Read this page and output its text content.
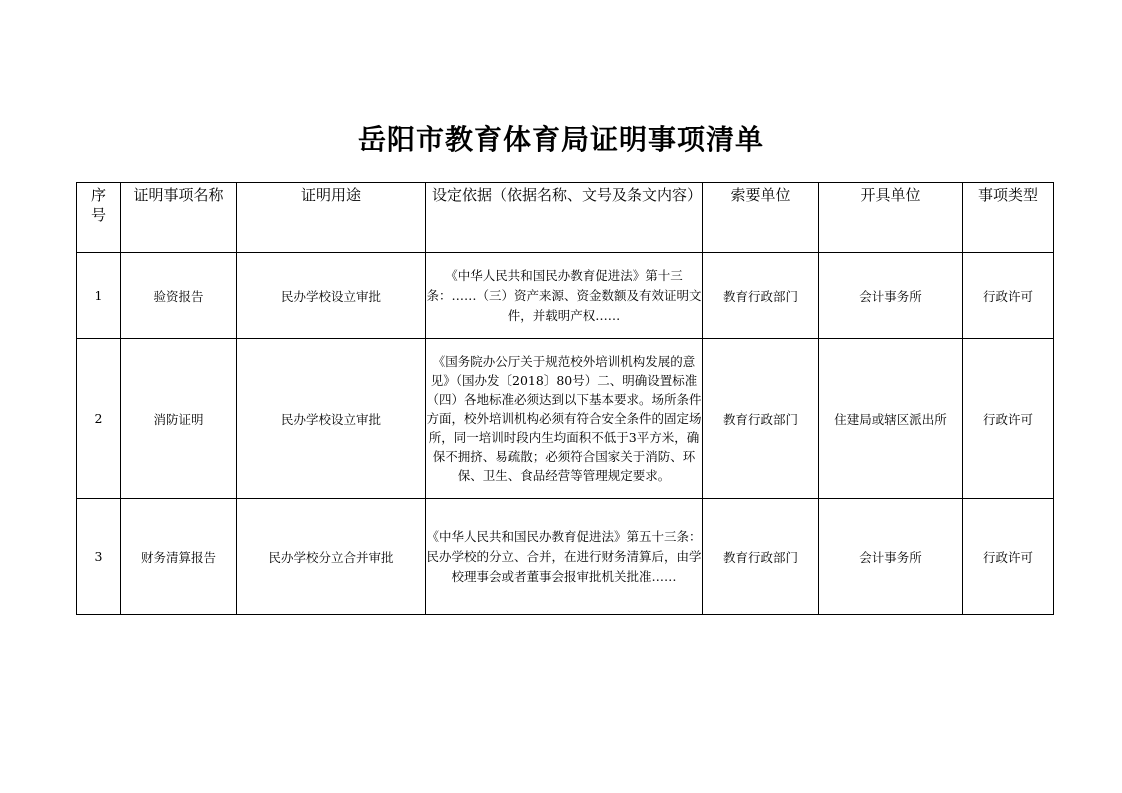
岳阳市教育体育局证明事项清单
序号	证明事项名称	证明用途	设定依据（依据名称、文号及条文内容）	索要单位	开具单位	事项类型
1	验资报告	民办学校设立审批	《中华人民共和国民办教育促进法》第十三条：……（三）资产来源、资金数额及有效证明文件，并载明产权……	教育行政部门	会计事务所	行政许可
2	消防证明	民办学校设立审批	《国务院办公厅关于规范校外培训机构发展的意见》（国办发〔2018〕80号）二、明确设置标准（四）各地标准必须达到以下基本要求。场所条件方面，校外培训机构必须有符合安全条件的固定场所，同一培训时段内生均面积不低于3平方米，确保不拥挤、易疏散；必须符合国家关于消防、环保、卫生、食品经营等管理规定要求。	教育行政部门	住建局或辖区派出所	行政许可
3	财务清算报告	民办学校分立合并审批	《中华人民共和国民办教育促进法》第五十三条：民办学校的分立、合并，在进行财务清算后，由学校理事会或者董事会报审批机关批准……	教育行政部门	会计事务所	行政许可
